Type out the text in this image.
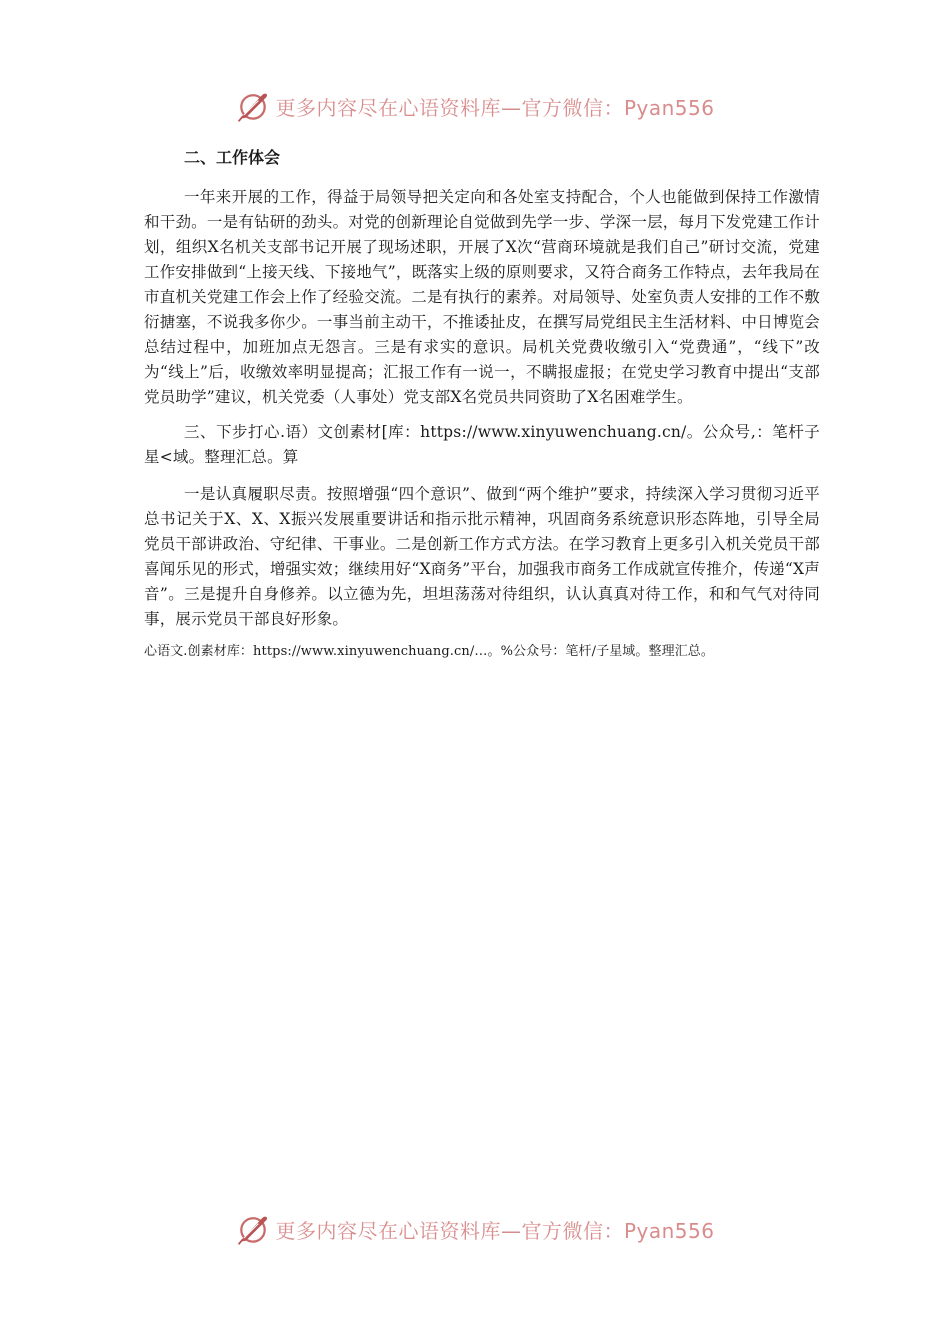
更多内容尽在心语资料库—官方微信：Pyan556
二、工作体会

一年来开展的工作，得益于局领导把关定向和各处室支持配合，个人也能做到保持工作激情和干劲。一是有钻研的劲头。对党的创新理论自觉做到先学一步、学深一层，每月下发党建工作计划，组织X名机关支部书记开展了现场述职，开展了X次“营商环境就是我们自己”研讨交流，党建工作安排做到“上接天线、下接地气”，既落实上级的原则要求，又符合商务工作特点，去年我局在市直机关党建工作会上作了经验交流。二是有执行的素养。对局领导、处室负责人安排的工作不敷衍搪塞，不说我多你少。一事当前主动干，不推诿扯皮，在撰写局党组民主生活材料、中日博览会总结过程中，加班加点无怨言。三是有求实的意识。局机关党费收缴引入“党费通”，“线下”改为“线上”后，收缴效率明显提高；汇报工作有一说一，不瞒报虚报；在党史学习教育中提出“支部党员助学”建议，机关党委（人事处）党支部X名党员共同资助了X名困难学生。

三、下步打心.语）文创素材[库：https://www.xinyuwenchuang.cn/。公众号,：笔杆子星<域。整理汇总。算

一是认真履职尽责。按照增强“四个意识”、做到“两个维护”要求，持续深入学习贯彻习近平总书记关于X、X、X振兴发展重要讲话和指示批示精神，巩固商务系统意识形态阵地，引导全局党员干部讲政治、守纪律、干事业。二是创新工作方式方法。在学习教育上更多引入机关党员干部喜闻乐见的形式，增强实效；继续用好“X商务”平台，加强我市商务工作成就宣传推介，传递“X声音”。三是提升自身修养。以立德为先，坦坦荡荡对待组织，认认真真对待工作，和和气气对待同事，展示党员干部良好形象。

心语文.创素材库：https://www.xinyuwenchuang.cn/…。%公众号：笔杆/子星域。整理汇总。
更多内容尽在心语资料库—官方微信：Pyan556
